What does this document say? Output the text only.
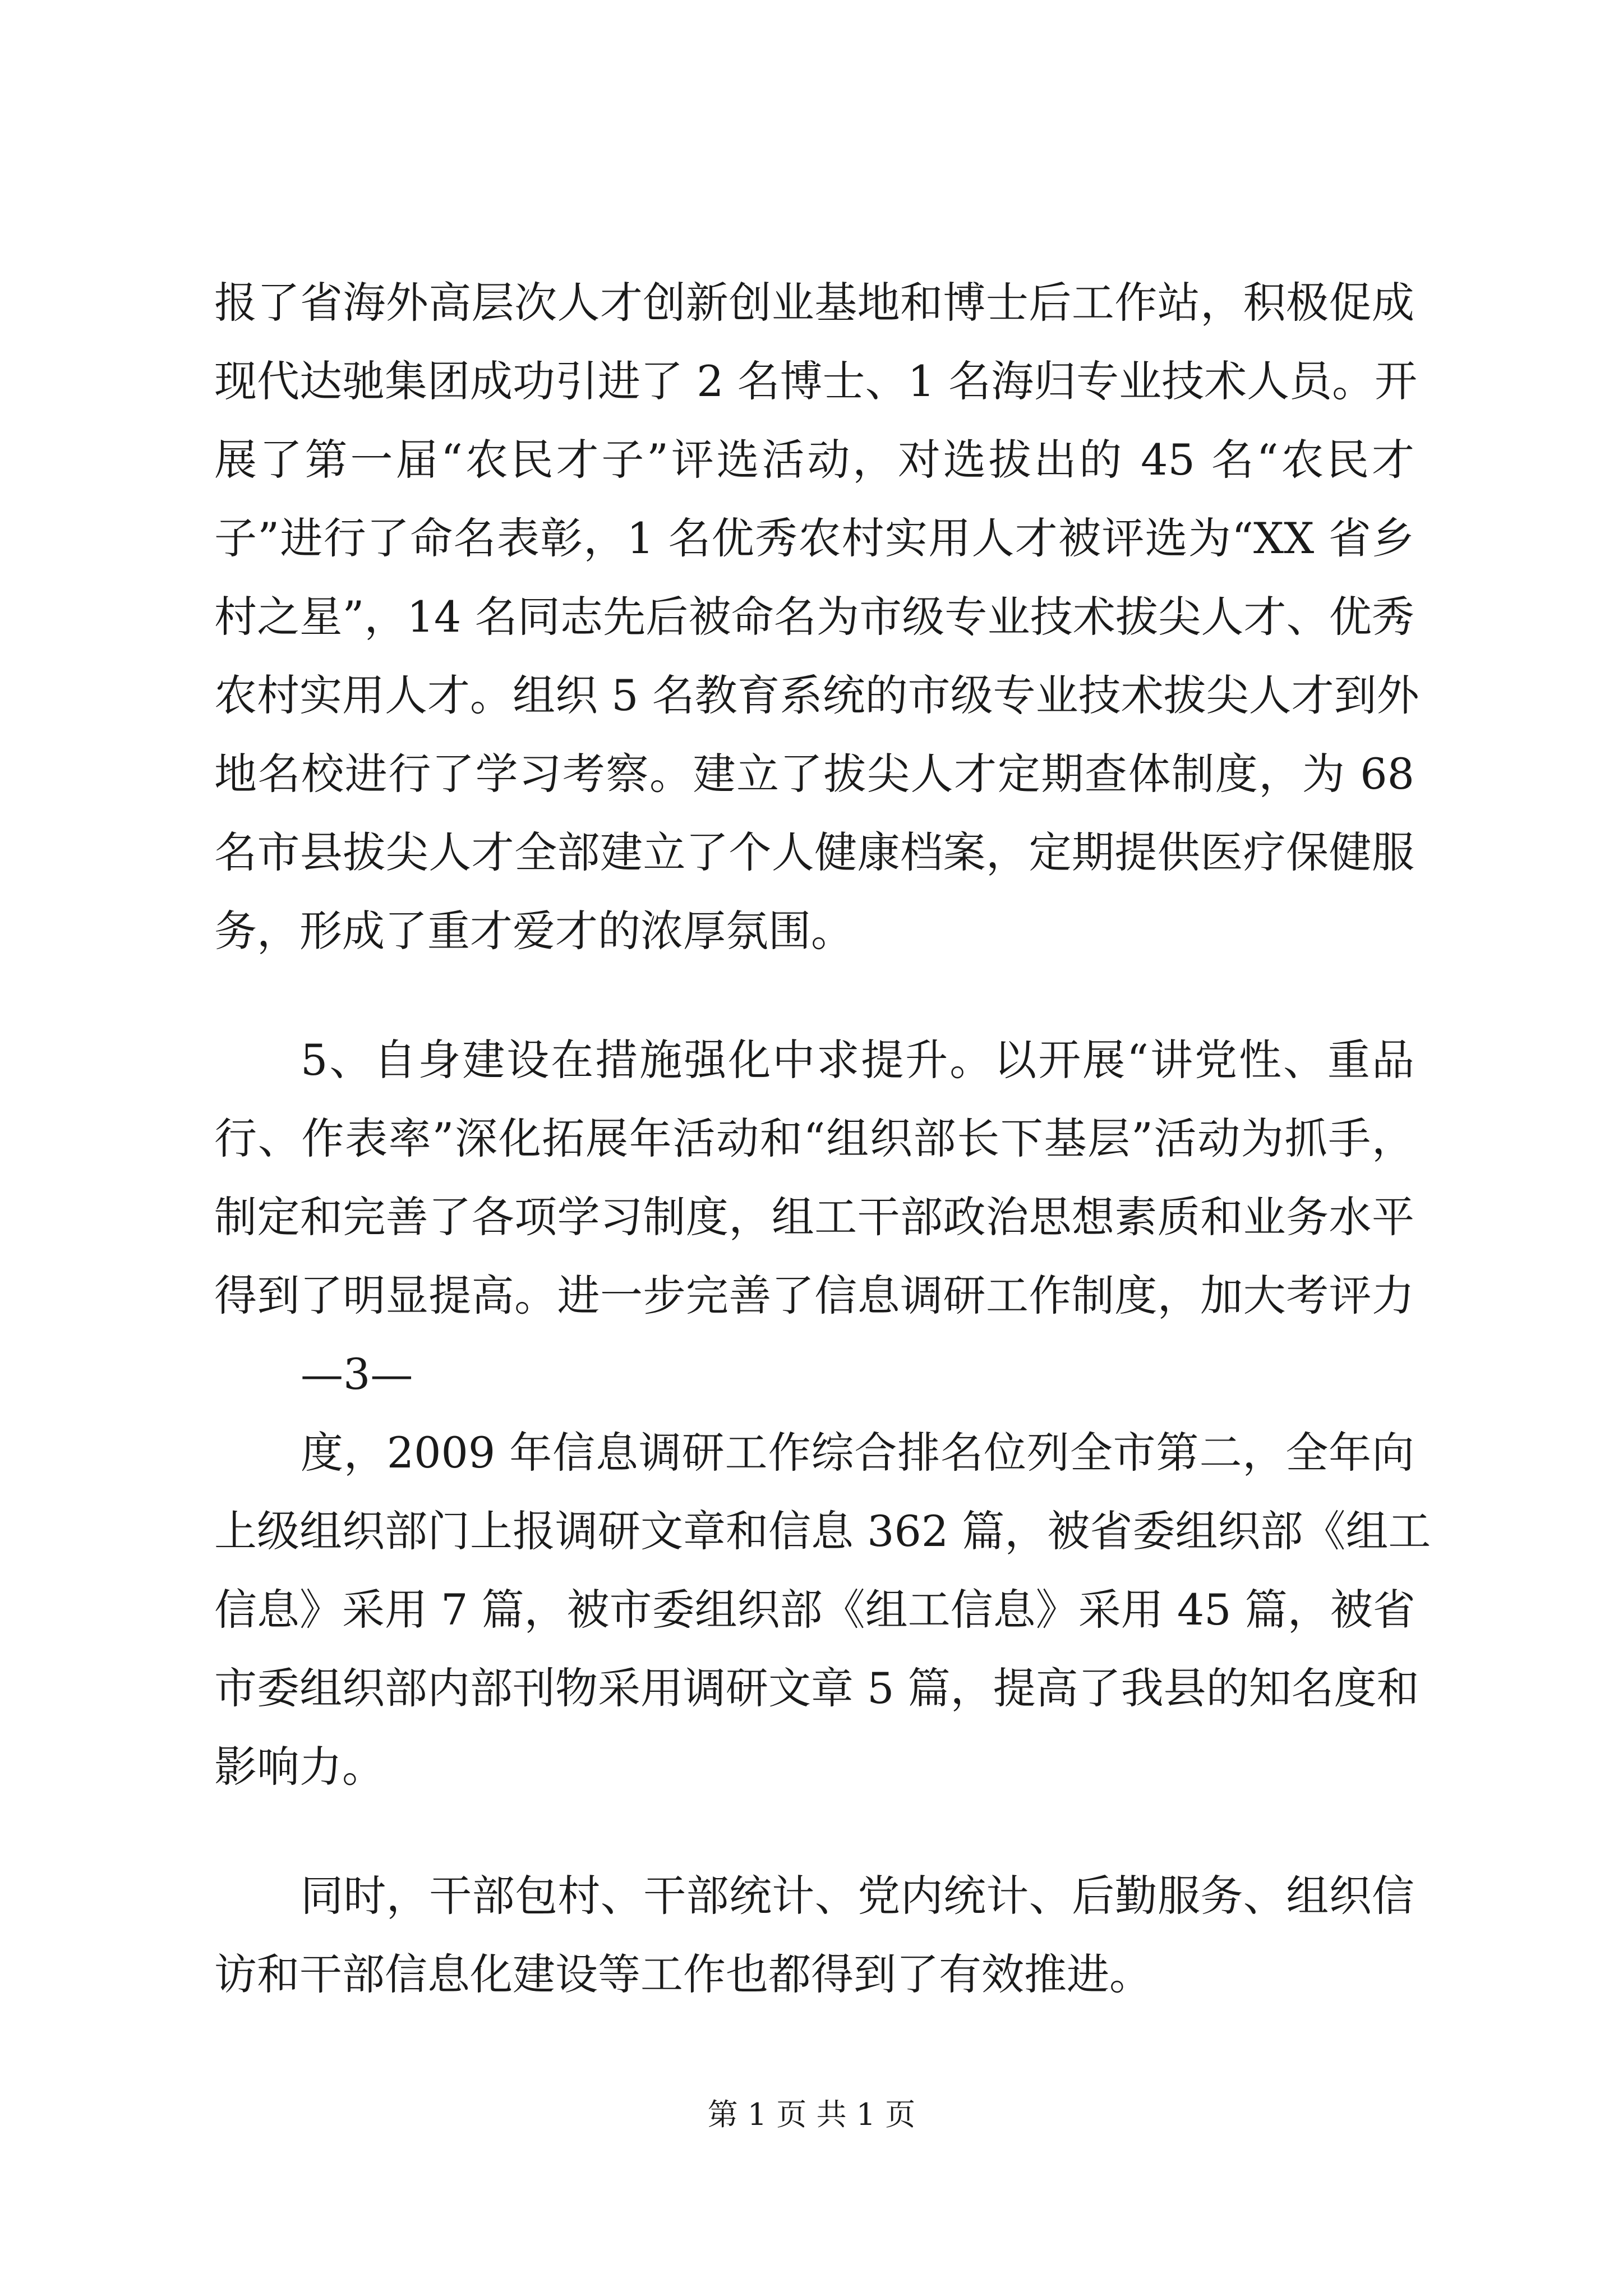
报了省海外高层次人才创新创业基地和博士后工作站，积极促成
现代达驰集团成功引进了 2 名博士、1 名海归专业技术人员。开
展了第一届“农民才子”评选活动，对选拔出的 45 名“农民才
子”进行了命名表彰，1 名优秀农村实用人才被评选为“XX 省乡
村之星”，14 名同志先后被命名为市级专业技术拔尖人才、优秀
农村实用人才。组织 5 名教育系统的市级专业技术拔尖人才到外
地名校进行了学习考察。建立了拔尖人才定期查体制度，为 68
名市县拔尖人才全部建立了个人健康档案，定期提供医疗保健服
务，形成了重才爱才的浓厚氛围。
5、自身建设在措施强化中求提升。以开展“讲党性、重品
行、作表率”深化拓展年活动和“组织部长下基层”活动为抓手，
制定和完善了各项学习制度，组工干部政治思想素质和业务水平
得到了明显提高。进一步完善了信息调研工作制度，加大考评力
—3—
度，2009 年信息调研工作综合排名位列全市第二，全年向
上级组织部门上报调研文章和信息 362 篇，被省委组织部《组工
信息》采用 7 篇，被市委组织部《组工信息》采用 45 篇，被省
市委组织部内部刊物采用调研文章 5 篇，提高了我县的知名度和
影响力。
同时，干部包村、干部统计、党内统计、后勤服务、组织信
访和干部信息化建设等工作也都得到了有效推进。
第 1 页 共 1 页
